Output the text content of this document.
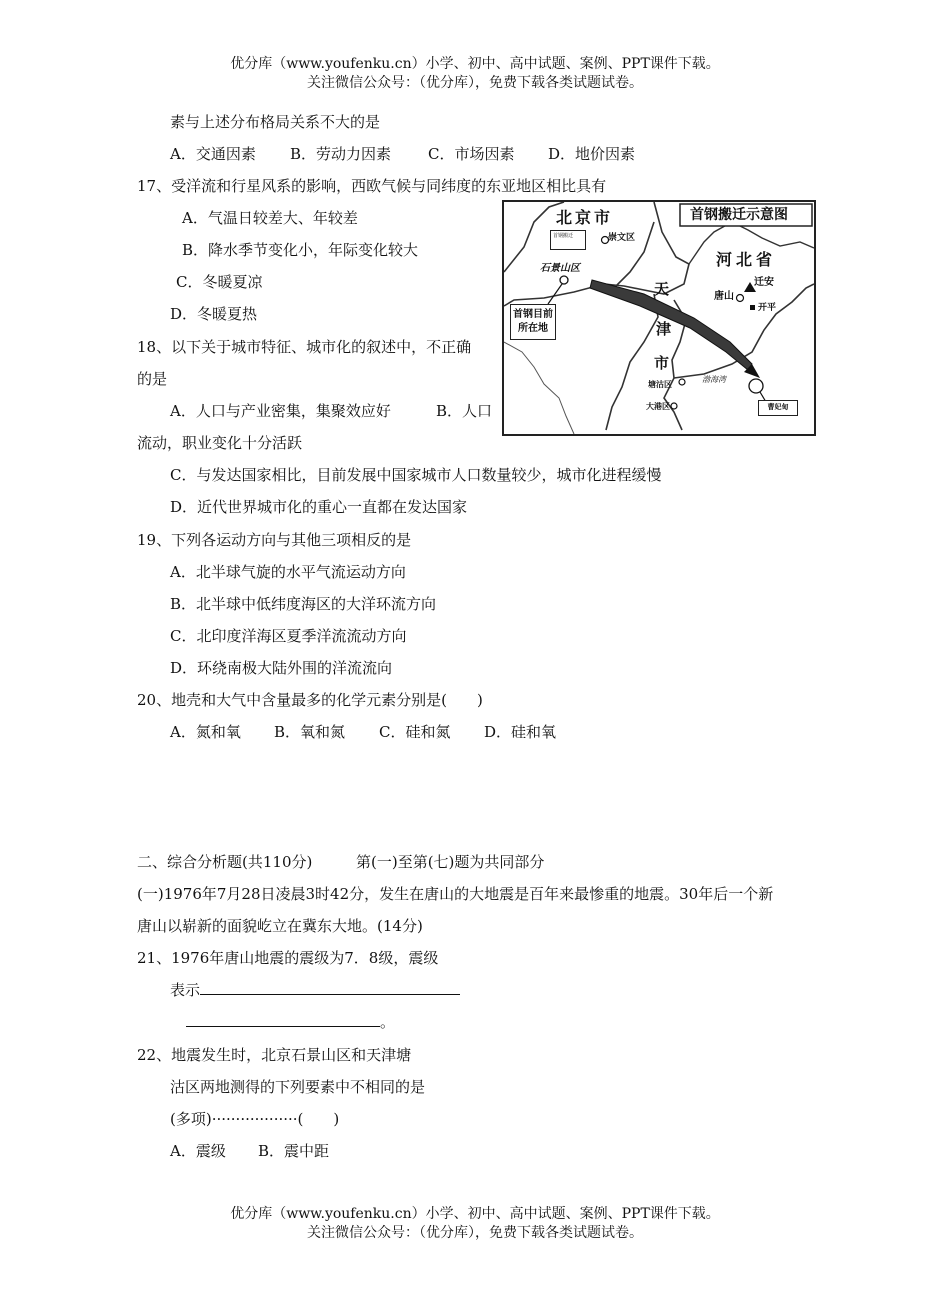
优分库（www.youfenku.cn）小学、初中、高中试题、案例、PPT课件下载。
关注微信公众号：（优分库），免费下载各类试题试卷。
素与上述分布格局关系不大的是
A．交通因素 B．劳动力因素 C．市场因素 D．地价因素
17、受洋流和行星风系的影响，西欧气候与同纬度的东亚地区相比具有
A．气温日较差大、年较差
B．降水季节变化小，年际变化较大
C．冬暖夏凉
D．冬暖夏热
18、以下关于城市特征、城市化的叙述中，不正确
的是
A．人口与产业密集，集聚效应好	B．人口
流动，职业变化十分活跃
C．与发达国家相比，目前发展中国家城市人口数量较少，城市化进程缓慢
D．近代世界城市化的重心一直都在发达国家
19、下列各运动方向与其他三项相反的是
A．北半球气旋的水平气流运动方向
B．北半球中低纬度海区的大洋环流方向
C．北印度洋海区夏季洋流流动方向
D．环绕南极大陆外围的洋流流向
20、地壳和大气中含量最多的化学元素分别是(　　)
A．氮和氧 B．氧和氮 C．硅和氮 D．硅和氧
二、综合分析题(共110分)	第(一)至第(七)题为共同部分
(一)1976年7月28日凌晨3时42分，发生在唐山的大地震是百年来最惨重的地震。30年后一个新
唐山以崭新的面貌屹立在冀东大地。(14分)
21、1976年唐山地震的震级为7．8级，震级
表示
。
22、地震发生时，北京石景山区和天津塘
沽区两地测得的下列要素中不相同的是
(多项)··················(　　)
A．震级 B．震中距
优分库（www.youfenku.cn）小学、初中、高中试题、案例、PPT课件下载。
关注微信公众号：（优分库），免费下载各类试题试卷。
首钢搬迁示意图
北京市
河北省
天
津
市
石景山区
崇文区
首钢搬迁
首钢目前
所在地
迁安
唐山
开平
塘沽区
大港区
渤海湾
曹妃甸
